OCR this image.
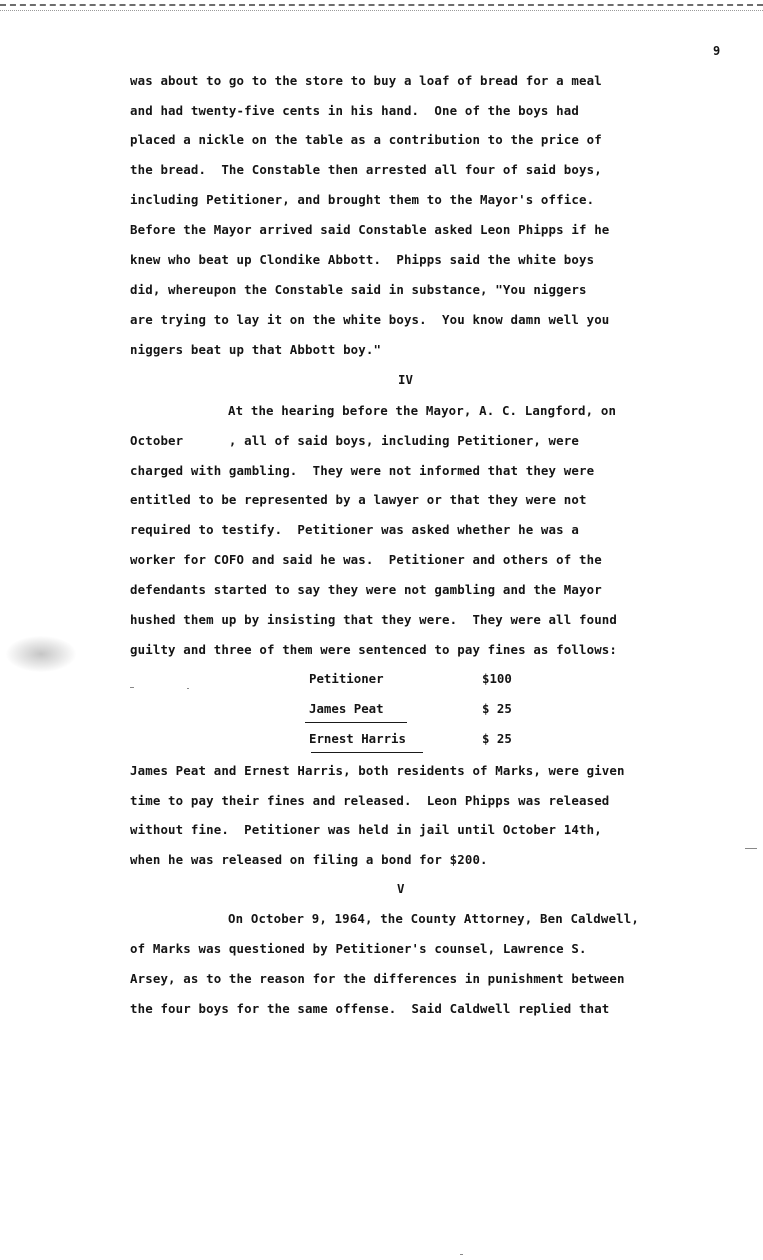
9
was about to go to the store to buy a loaf of bread for a meal
and had twenty-five cents in his hand.  One of the boys had
placed a nickle on the table as a contribution to the price of
the bread.  The Constable then arrested all four of said boys,
including Petitioner, and brought them to the Mayor's office.
Before the Mayor arrived said Constable asked Leon Phipps if he
knew who beat up Clondike Abbott.  Phipps said the white boys
did, whereupon the Constable said in substance, "You niggers
are trying to lay it on the white boys.  You know damn well you
niggers beat up that Abbott boy."
IV
At the hearing before the Mayor, A. C. Langford, on
October      , all of said boys, including Petitioner, were
charged with gambling.  They were not informed that they were
entitled to be represented by a lawyer or that they were not
required to testify.  Petitioner was asked whether he was a
worker for COFO and said he was.  Petitioner and others of the
defendants started to say they were not gambling and the Mayor
hushed them up by insisting that they were.  They were all found
guilty and three of them were sentenced to pay fines as follows:
Petitioner	$100
James Peat	$ 25
Ernest Harris	$ 25
James Peat and Ernest Harris, both residents of Marks, were given
time to pay their fines and released.  Leon Phipps was released
without fine.  Petitioner was held in jail until October 14th,
when he was released on filing a bond for $200.
V
On October 9, 1964, the County Attorney, Ben Caldwell,
of Marks was questioned by Petitioner's counsel, Lawrence S.
Arsey, as to the reason for the differences in punishment between
the four boys for the same offense.  Said Caldwell replied that
